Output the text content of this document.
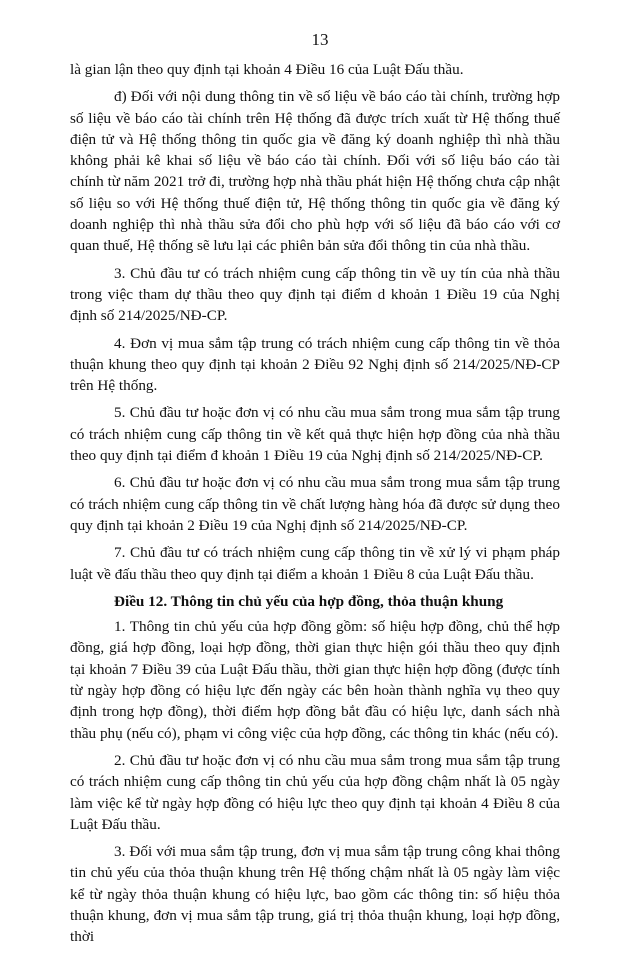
13

là gian lận theo quy định tại khoản 4 Điều 16 của Luật Đấu thầu.

đ) Đối với nội dung thông tin về số liệu về báo cáo tài chính, trường hợp số liệu về báo cáo tài chính trên Hệ thống đã được trích xuất từ Hệ thống thuế điện tử và Hệ thống thông tin quốc gia về đăng ký doanh nghiệp thì nhà thầu không phải kê khai số liệu về báo cáo tài chính. Đối với số liệu báo cáo tài chính từ năm 2021 trở đi, trường hợp nhà thầu phát hiện Hệ thống chưa cập nhật số liệu so với Hệ thống thuế điện tử, Hệ thống thông tin quốc gia về đăng ký doanh nghiệp thì nhà thầu sửa đổi cho phù hợp với số liệu đã báo cáo với cơ quan thuế, Hệ thống sẽ lưu lại các phiên bản sửa đổi thông tin của nhà thầu.

3. Chủ đầu tư có trách nhiệm cung cấp thông tin về uy tín của nhà thầu trong việc tham dự thầu theo quy định tại điểm d khoản 1 Điều 19 của Nghị định số 214/2025/NĐ-CP.

4. Đơn vị mua sắm tập trung có trách nhiệm cung cấp thông tin về thỏa thuận khung theo quy định tại khoản 2 Điều 92 Nghị định số 214/2025/NĐ-CP trên Hệ thống.

5. Chủ đầu tư hoặc đơn vị có nhu cầu mua sắm trong mua sắm tập trung có trách nhiệm cung cấp thông tin về kết quả thực hiện hợp đồng của nhà thầu theo quy định tại điểm đ khoản 1 Điều 19 của Nghị định số 214/2025/NĐ-CP.

6. Chủ đầu tư hoặc đơn vị có nhu cầu mua sắm trong mua sắm tập trung có trách nhiệm cung cấp thông tin về chất lượng hàng hóa đã được sử dụng theo quy định tại khoản 2 Điều 19 của Nghị định số 214/2025/NĐ-CP.

7. Chủ đầu tư có trách nhiệm cung cấp thông tin về xử lý vi phạm pháp luật về đấu thầu theo quy định tại điểm a khoản 1 Điều 8 của Luật Đấu thầu.

Điều 12. Thông tin chủ yếu của hợp đồng, thỏa thuận khung

1. Thông tin chủ yếu của hợp đồng gồm: số hiệu hợp đồng, chủ thể hợp đồng, giá hợp đồng, loại hợp đồng, thời gian thực hiện gói thầu theo quy định tại khoản 7 Điều 39 của Luật Đấu thầu, thời gian thực hiện hợp đồng (được tính từ ngày hợp đồng có hiệu lực đến ngày các bên hoàn thành nghĩa vụ theo quy định trong hợp đồng), thời điểm hợp đồng bắt đầu có hiệu lực, danh sách nhà thầu phụ (nếu có), phạm vi công việc của hợp đồng, các thông tin khác (nếu có).

2. Chủ đầu tư hoặc đơn vị có nhu cầu mua sắm trong mua sắm tập trung có trách nhiệm cung cấp thông tin chủ yếu của hợp đồng chậm nhất là 05 ngày làm việc kể từ ngày hợp đồng có hiệu lực theo quy định tại khoản 4 Điều 8 của Luật Đấu thầu.

3. Đối với mua sắm tập trung, đơn vị mua sắm tập trung công khai thông tin chủ yếu của thỏa thuận khung trên Hệ thống chậm nhất là 05 ngày làm việc kể từ ngày thỏa thuận khung có hiệu lực, bao gồm các thông tin: số hiệu thỏa thuận khung, đơn vị mua sắm tập trung, giá trị thỏa thuận khung, loại hợp đồng, thời
